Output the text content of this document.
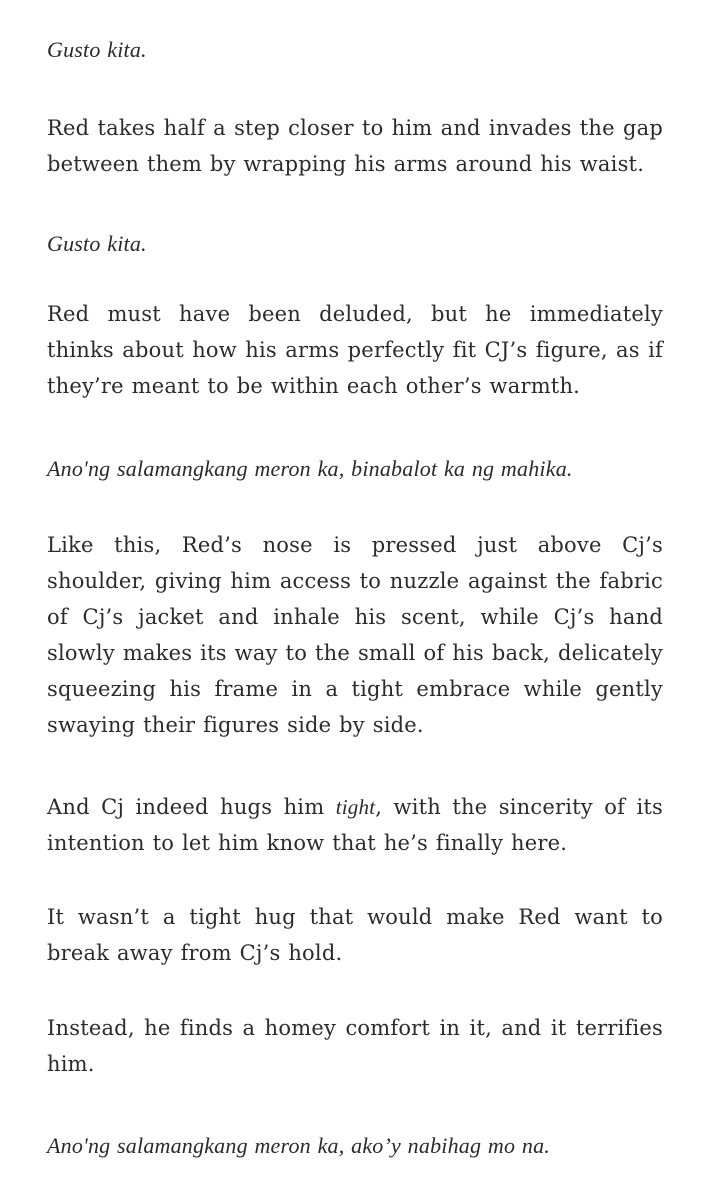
Gusto kita.

Red takes half a step closer to him and invades the gap between them by wrapping his arms around his waist.

Gusto kita.

Red must have been deluded, but he immediately thinks about how his arms perfectly fit CJ’s figure, as if they’re meant to be within each other’s warmth.

Ano'ng salamangkang meron ka, binabalot ka ng mahika.

Like this, Red’s nose is pressed just above Cj’s shoulder, giving him access to nuzzle against the fabric of Cj’s jacket and inhale his scent, while Cj’s hand slowly makes its way to the small of his back, delicately squeezing his frame in a tight embrace while gently swaying their figures side by side.

And Cj indeed hugs him tight, with the sincerity of its intention to let him know that he’s finally here.

It wasn’t a tight hug that would make Red want to break away from Cj’s hold.

Instead, he finds a homey comfort in it, and it terrifies him.

Ano'ng salamangkang meron ka, ako’y nabihag mo na.
